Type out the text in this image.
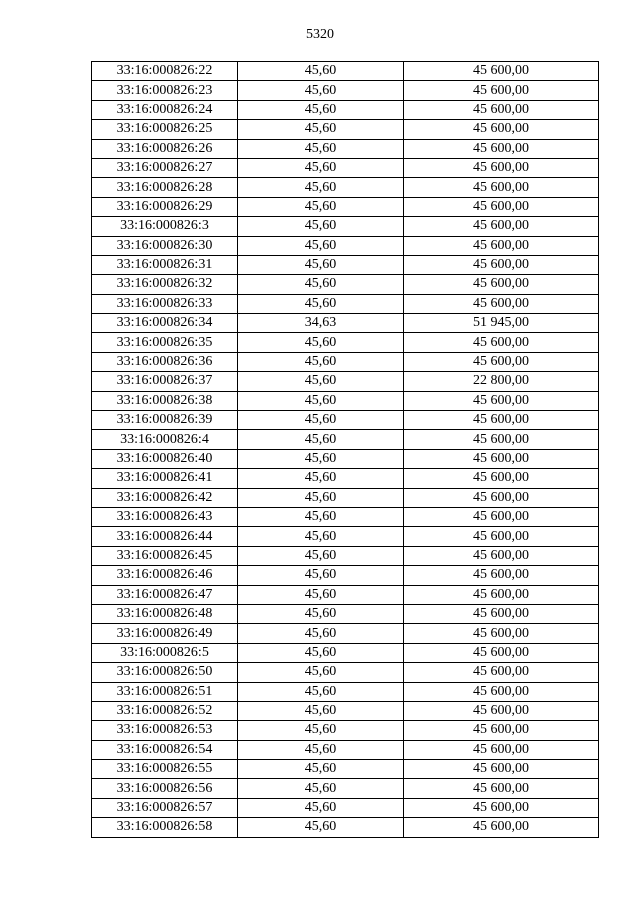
5320
33:16:000826:22	45,60	45 600,00
33:16:000826:23	45,60	45 600,00
33:16:000826:24	45,60	45 600,00
33:16:000826:25	45,60	45 600,00
33:16:000826:26	45,60	45 600,00
33:16:000826:27	45,60	45 600,00
33:16:000826:28	45,60	45 600,00
33:16:000826:29	45,60	45 600,00
33:16:000826:3	45,60	45 600,00
33:16:000826:30	45,60	45 600,00
33:16:000826:31	45,60	45 600,00
33:16:000826:32	45,60	45 600,00
33:16:000826:33	45,60	45 600,00
33:16:000826:34	34,63	51 945,00
33:16:000826:35	45,60	45 600,00
33:16:000826:36	45,60	45 600,00
33:16:000826:37	45,60	22 800,00
33:16:000826:38	45,60	45 600,00
33:16:000826:39	45,60	45 600,00
33:16:000826:4	45,60	45 600,00
33:16:000826:40	45,60	45 600,00
33:16:000826:41	45,60	45 600,00
33:16:000826:42	45,60	45 600,00
33:16:000826:43	45,60	45 600,00
33:16:000826:44	45,60	45 600,00
33:16:000826:45	45,60	45 600,00
33:16:000826:46	45,60	45 600,00
33:16:000826:47	45,60	45 600,00
33:16:000826:48	45,60	45 600,00
33:16:000826:49	45,60	45 600,00
33:16:000826:5	45,60	45 600,00
33:16:000826:50	45,60	45 600,00
33:16:000826:51	45,60	45 600,00
33:16:000826:52	45,60	45 600,00
33:16:000826:53	45,60	45 600,00
33:16:000826:54	45,60	45 600,00
33:16:000826:55	45,60	45 600,00
33:16:000826:56	45,60	45 600,00
33:16:000826:57	45,60	45 600,00
33:16:000826:58	45,60	45 600,00
